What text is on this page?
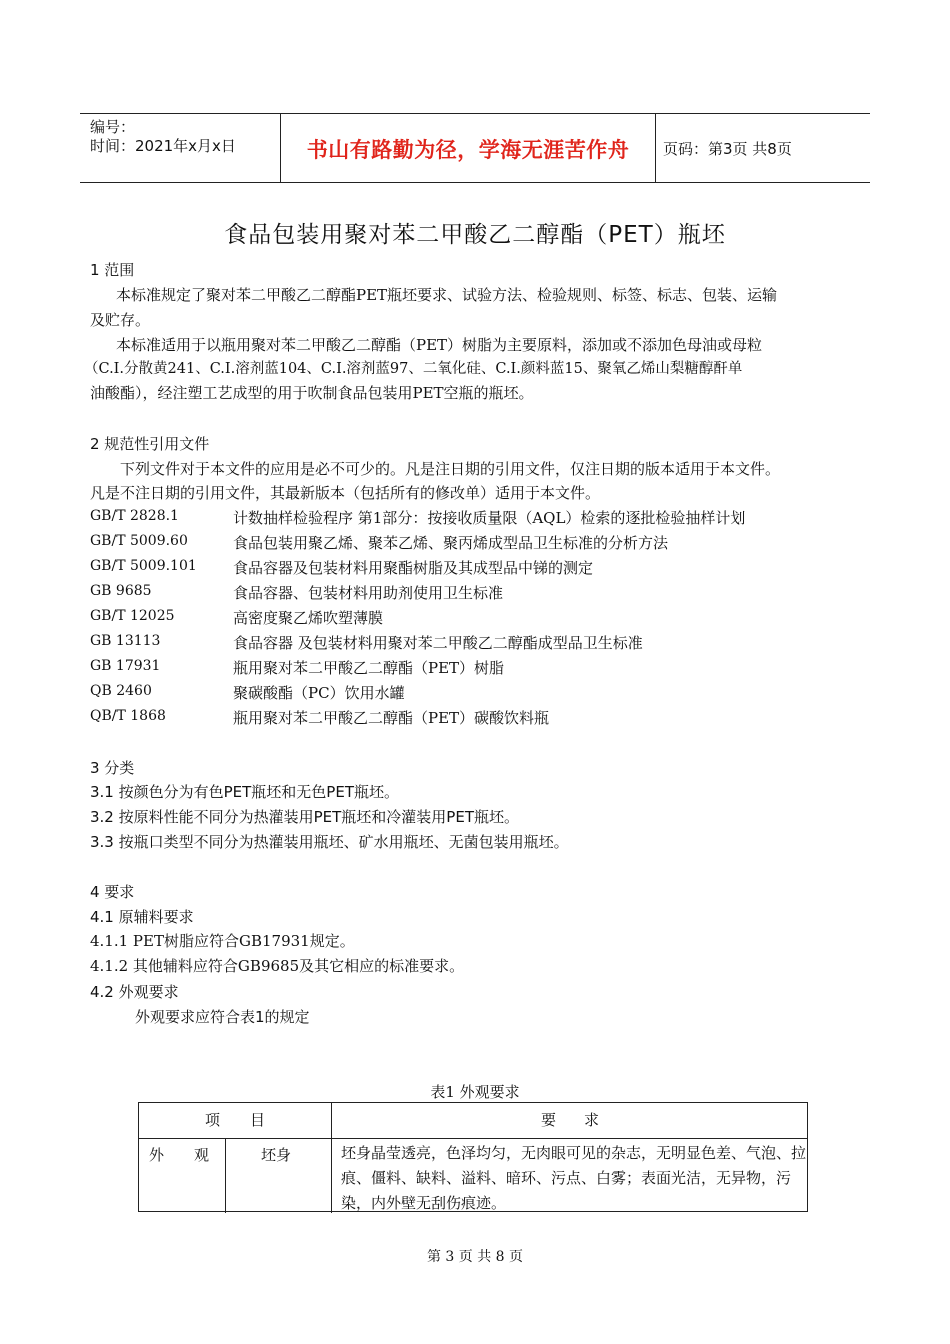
编号：
时间：2021年x月x日	书山有路勤为径，学海无涯苦作舟	页码：第3页 共8页
食品包装用聚对苯二甲酸乙二醇酯（PET）瓶坯
1 范围
本标准规定了聚对苯二甲酸乙二醇酯PET瓶坯要求、试验方法、检验规则、标签、标志、包装、运输
及贮存。
本标准适用于以瓶用聚对苯二甲酸乙二醇酯（PET）树脂为主要原料，添加或不添加色母油或母粒
（C.I.分散黄241、C.I.溶剂蓝104、C.I.溶剂蓝97、二氧化硅、C.I.颜料蓝15、聚氧乙烯山梨糖醇酐单
油酸酯），经注塑工艺成型的用于吹制食品包装用PET空瓶的瓶坯。
2 规范性引用文件
下列文件对于本文件的应用是必不可少的。凡是注日期的引用文件，仅注日期的版本适用于本文件。
凡是不注日期的引用文件，其最新版本（包括所有的修改单）适用于本文件。
GB/T 2828.1	计数抽样检验程序 第1部分：按接收质量限（AQL）检索的逐批检验抽样计划
GB/T 5009.60	食品包装用聚乙烯、聚苯乙烯、聚丙烯成型品卫生标准的分析方法
GB/T 5009.101 食品容器及包装材料用聚酯树脂及其成型品中锑的测定
GB 9685	食品容器、包装材料用助剂使用卫生标准
GB/T 12025	高密度聚乙烯吹塑薄膜
GB 13113	食品容器 及包装材料用聚对苯二甲酸乙二醇酯成型品卫生标准
GB 17931	瓶用聚对苯二甲酸乙二醇酯（PET）树脂
QB 2460	聚碳酸酯（PC）饮用水罐
QB/T 1868	瓶用聚对苯二甲酸乙二醇酯（PET）碳酸饮料瓶
3 分类
3.1 按颜色分为有色PET瓶坯和无色PET瓶坯。
3.2 按原料性能不同分为热灌装用PET瓶坯和冷灌装用PET瓶坯。
3.3 按瓶口类型不同分为热灌装用瓶坯、矿水用瓶坯、无菌包装用瓶坯。
4 要求
4.1 原辅料要求
4.1.1 PET树脂应符合GB17931规定。
4.1.2 其他辅料应符合GB9685及其它相应的标准要求。
4.2 外观要求
外观要求应符合表1的规定
表1 外观要求
项目	要求
外观 坯身	坯身晶莹透亮，色泽均匀，无肉眼可见的杂志，无明显色差、气泡、拉痕、僵料、缺料、溢料、暗环、污点、白雾；表面光洁，无异物，污染，内外壁无刮伤痕迹。
第 3 页 共 8 页
